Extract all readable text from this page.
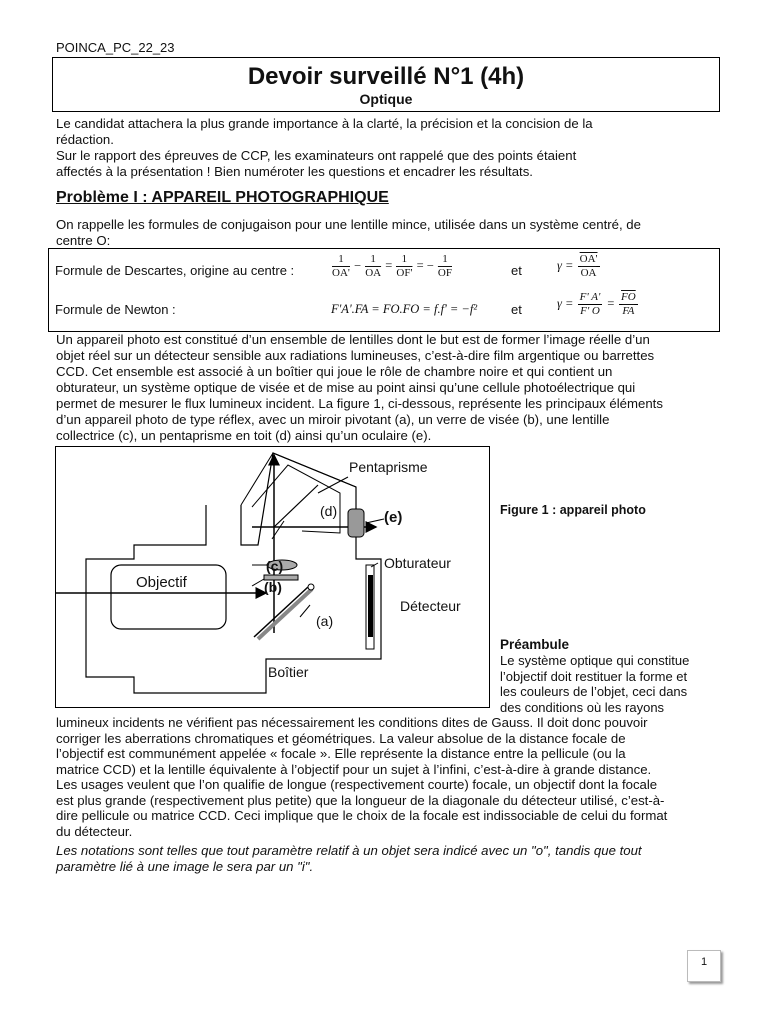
POINCA_PC_22_23
Devoir surveillé N°1 (4h)
Optique
Le candidat attachera la plus grande importance à la clarté, la précision et la concision de la
rédaction.
Sur le rapport des épreuves de CCP, les examinateurs ont rappelé que des points étaient
affectés à la présentation ! Bien numéroter les questions et encadrer les résultats.
Problème I : APPAREIL PHOTOGRAPHIQUE
On rappelle les formules de conjugaison pour une lentille mince, utilisée dans un système centré, de
centre O:
Formule de Descartes, origine au centre :	$\frac{1}{OA'} - \frac{1}{OA} = \frac{1}{OF'}$ = − $\frac{1}{OF}$	et	$\gamma = \frac{OA'}{OA}$
Formule de Newton :	F'A'.FA = FO.FO = f.f' = −f²	et	$\gamma = \frac{F' A'}{F' O} = \frac{\overline{FO}}{FA}$
Un appareil photo est constitué d’un ensemble de lentilles dont le but est de former l’image réelle d’un
objet réel sur un détecteur sensible aux radiations lumineuses, c’est-à-dire film argentique ou barrettes
CCD. Cet ensemble est associé à un boîtier qui joue le rôle de chambre noire et qui contient un
obturateur, un système optique de visée et de mise au point ainsi qu’une cellule photoélectrique qui
permet de mesurer le flux lumineux incident. La figure 1, ci-dessous, représente les principaux éléments
d’un appareil photo de type réflex, avec un miroir pivotant (a), un verre de visée (b), une lentille
collectrice (c), un pentaprisme en toit (d) ainsi qu’un oculaire (e).
Pentaprisme
(d)	(e)
(c)
(b)
(a)
Objectif
Obturateur
Détecteur
Boîtier
Figure 1 : appareil photo
Préambule
Le système optique qui constitue
l’objectif doit restituer la forme et
les couleurs de l’objet, ceci dans
des conditions où les rayons
lumineux incidents ne vérifient pas nécessairement les conditions dites de Gauss. Il doit donc pouvoir
corriger les aberrations chromatiques et géométriques. La valeur absolue de la distance focale de
l’objectif est communément appelée « focale ». Elle représente la distance entre la pellicule (ou la
matrice CCD) et la lentille équivalente à l’objectif pour un sujet à l’infini, c’est-à-dire à grande distance.
Les usages veulent que l’on qualifie de longue (respectivement courte) focale, un objectif dont la focale
est plus grande (respectivement plus petite) que la longueur de la diagonale du détecteur utilisé, c’est-à-
dire pellicule ou matrice CCD. Ceci implique que le choix de la focale est indissociable de celui du format
du détecteur.
Les notations sont telles que tout paramètre relatif à un objet sera indicé avec un "o", tandis que tout
paramètre lié à une image le sera par un "i".
1
